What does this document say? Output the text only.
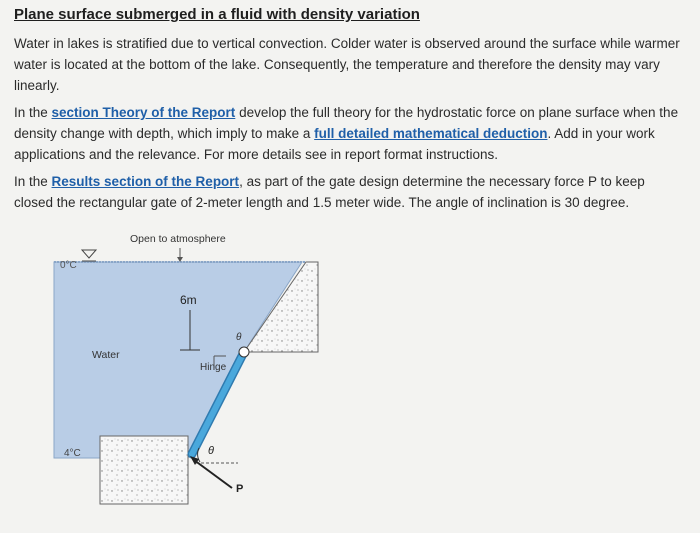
Plane surface submerged in a fluid with density variation

Water in lakes is stratified due to vertical convection. Colder water is observed around the surface while warmer water is located at the bottom of the lake. Consequently, the temperature and therefore the density may vary linearly.

In the section Theory of the Report develop the full theory for the hydrostatic force on plane surface when the density change with depth, which imply to make a full detailed mathematical deduction. Add in your work applications and the relevance. For more details see in report format instructions.

In the Results section of the Report, as part of the gate design determine the necessary force P to keep closed the rectangular gate of 2-meter length and 1.5 meter wide. The angle of inclination is 30 degree.

Open to atmosphere
0°C
4°C
Water
6m
Hinge
θ
θ
P
